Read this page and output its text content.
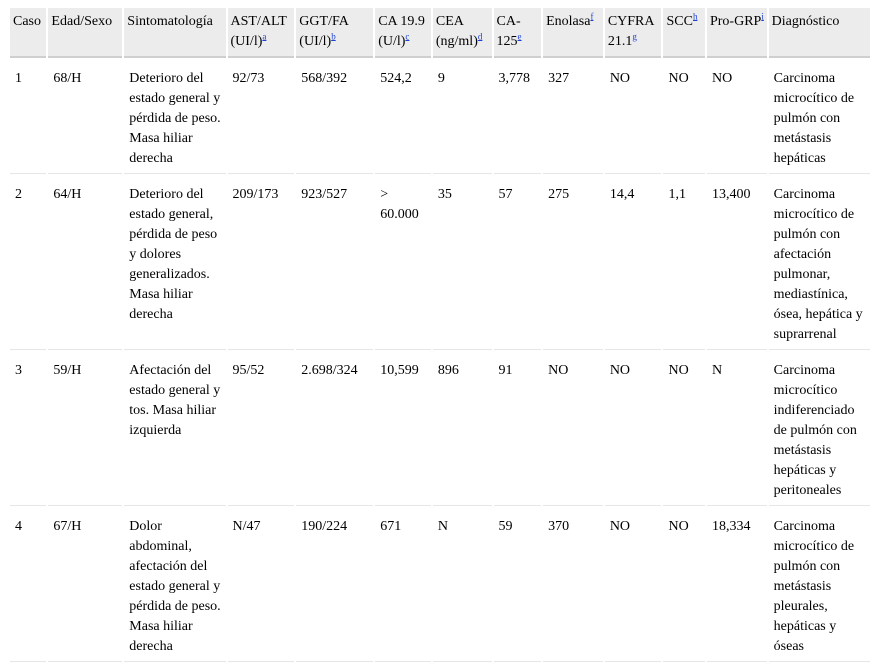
Caso	Edad/Sexo	Sintomatología	AST/ALT (UI/l)$^a$	GGT/FA (UI/l)$^b$	CA 19.9 (U/l)$^c$	CEA (ng/ml)$^d$	CA-125e	Enolasa$^f$	CYFRA 21.1$^g$	SCC$^h$	Pro-GRP$^i$	Diagnóstico
1	68/H	Deterioro del estado general y pérdida de peso. Masa hiliar derecha	92/73	568/392	524,2	9	3,778	327	NO	NO	NO	Carcinoma microcítico de pulmón con metástasis hepáticas
2	64/H	Deterioro del estado general, pérdida de peso y dolores generalizados. Masa hiliar derecha	209/173	923/527	> 60.000	35	57	275	14,4	1,1	13,400	Carcinoma microcítico de pulmón con afectación pulmonar, mediastínica, ósea, hepática y suprarrenal
3	59/H	Afectación del estado general y tos. Masa hiliar izquierda	95/52	2.698/324	10,599	896	91	NO	NO	NO	N	Carcinoma microcítico indiferenciado de pulmón con metástasis hepáticas y peritoneales
4	67/H	Dolor abdominal, afectación del estado general y pérdida de peso. Masa hiliar derecha	N/47	190/224	671	N	59	370	NO	NO	18,334	Carcinoma microcítico de pulmón con metástasis pleurales, hepáticas y óseas
